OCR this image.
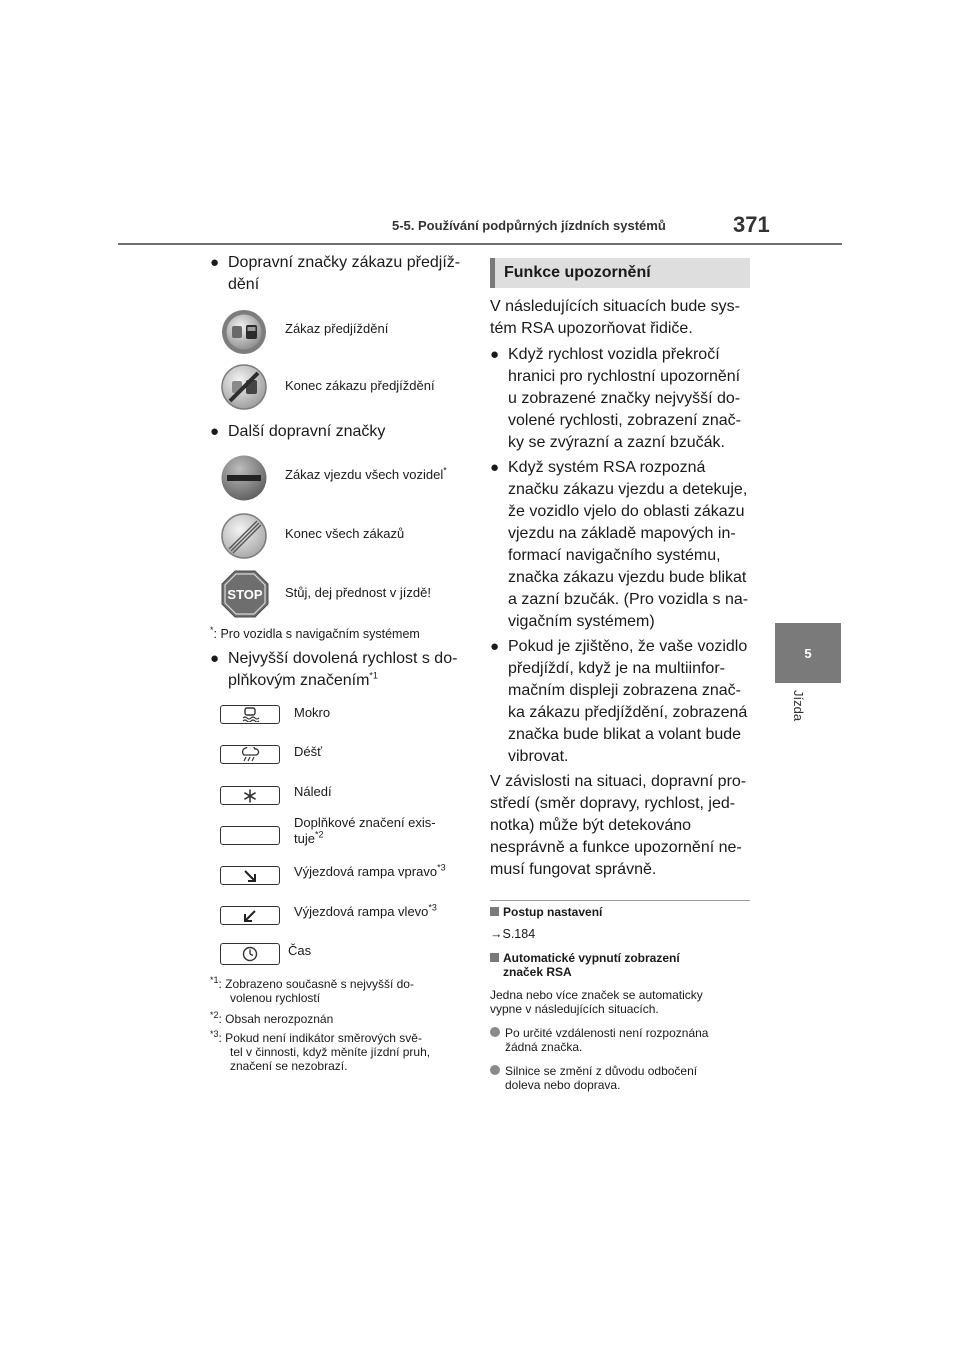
5-5. Používání podpůrných jízdních systémů	371
5
Jízda
● Dopravní značky zákazu předjíž-
dění
Zákaz předjíždění
Konec zákazu předjíždění
● Další dopravní značky
Zákaz vjezdu všech vozidel*
Konec všech zákazů
STOP Stůj, dej přednost v jízdě!
*: Pro vozidla s navigačním systémem
● Nejvyšší dovolená rychlost s do-
plňkovým značením$^{*1}$
Mokro
Déšť
Náledí
Doplňkové značení exis-
tuje$^{*2}$
Výjezdová rampa vpravo$^{*3}$
Výjezdová rampa vlevo$^{*3}$
Čas
$^{*1}$: Zobrazeno současně s nejvyšší do-
volenou rychlostí
$^{*2}$: Obsah nerozpoznán
$^{*3}$: Pokud není indikátor směrových svě-
tel v činnosti, když měníte jízdní pruh,
značení se nezobrazí.
Funkce upozornění
V následujících situacích bude sys-
tém RSA upozorňovat řidiče.
● Když rychlost vozidla překročí
hranici pro rychlostní upozornění
u zobrazené značky nejvyšší do-
volené rychlosti, zobrazení znač-
ky se zvýrazní a zazní bzučák.
● Když systém RSA rozpozná
značku zákazu vjezdu a detekuje,
že vozidlo vjelo do oblasti zákazu
vjezdu na základě mapových in-
formací navigačního systému,
značka zákazu vjezdu bude blikat
a zazní bzučák. (Pro vozidla s na-
vigačním systémem)
● Pokud je zjištěno, že vaše vozidlo
předjíždí, když je na multiinfor-
mačním displeji zobrazena znač-
ka zákazu předjíždění, zobrazená
značka bude blikat a volant bude
vibrovat.
V závislosti na situaci, dopravní pro-
středí (směr dopravy, rychlost, jed-
notka) může být detekováno
nesprávně a funkce upozornění ne-
musí fungovat správně.
Postup nastavení
→S.184
Automatické vypnutí zobrazení
značek RSA
Jedna nebo více značek se automaticky
vypne v následujících situacích.
Po určité vzdálenosti není rozpoznána
žádná značka.
Silnice se změní z důvodu odbočení
doleva nebo doprava.
